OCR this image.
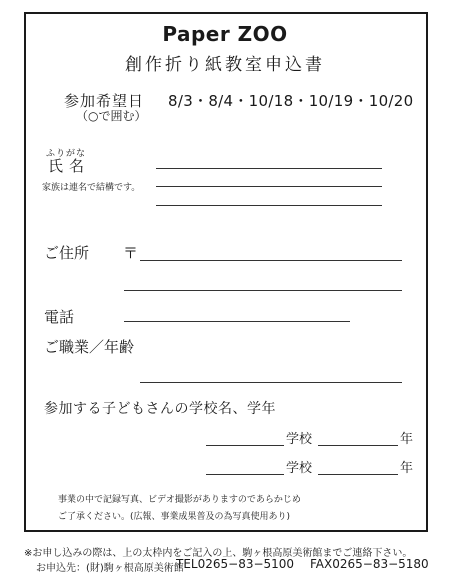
Paper ZOO
創作折り紙教室申込書
参加希望日 8/3・8/4・10/18・10/19・10/20
（○で囲む）
ふりがな
氏名
家族は連名で結構です。
ご住所 〒
電話
ご職業／年齢
参加する子どもさんの学校名、学年
学校	年
学校	年
事業の中で記録写真、ビデオ撮影がありますのであらかじめ
ご了承ください。(広報、事業成果普及の為写真使用あり)
※お申し込みの際は、上の太枠内をご記入の上、駒ヶ根高原美術館までご連絡下さい。
お申込先：(財)駒ヶ根高原美術館
TEL0265−83−5100 FAX0265−83−5180
